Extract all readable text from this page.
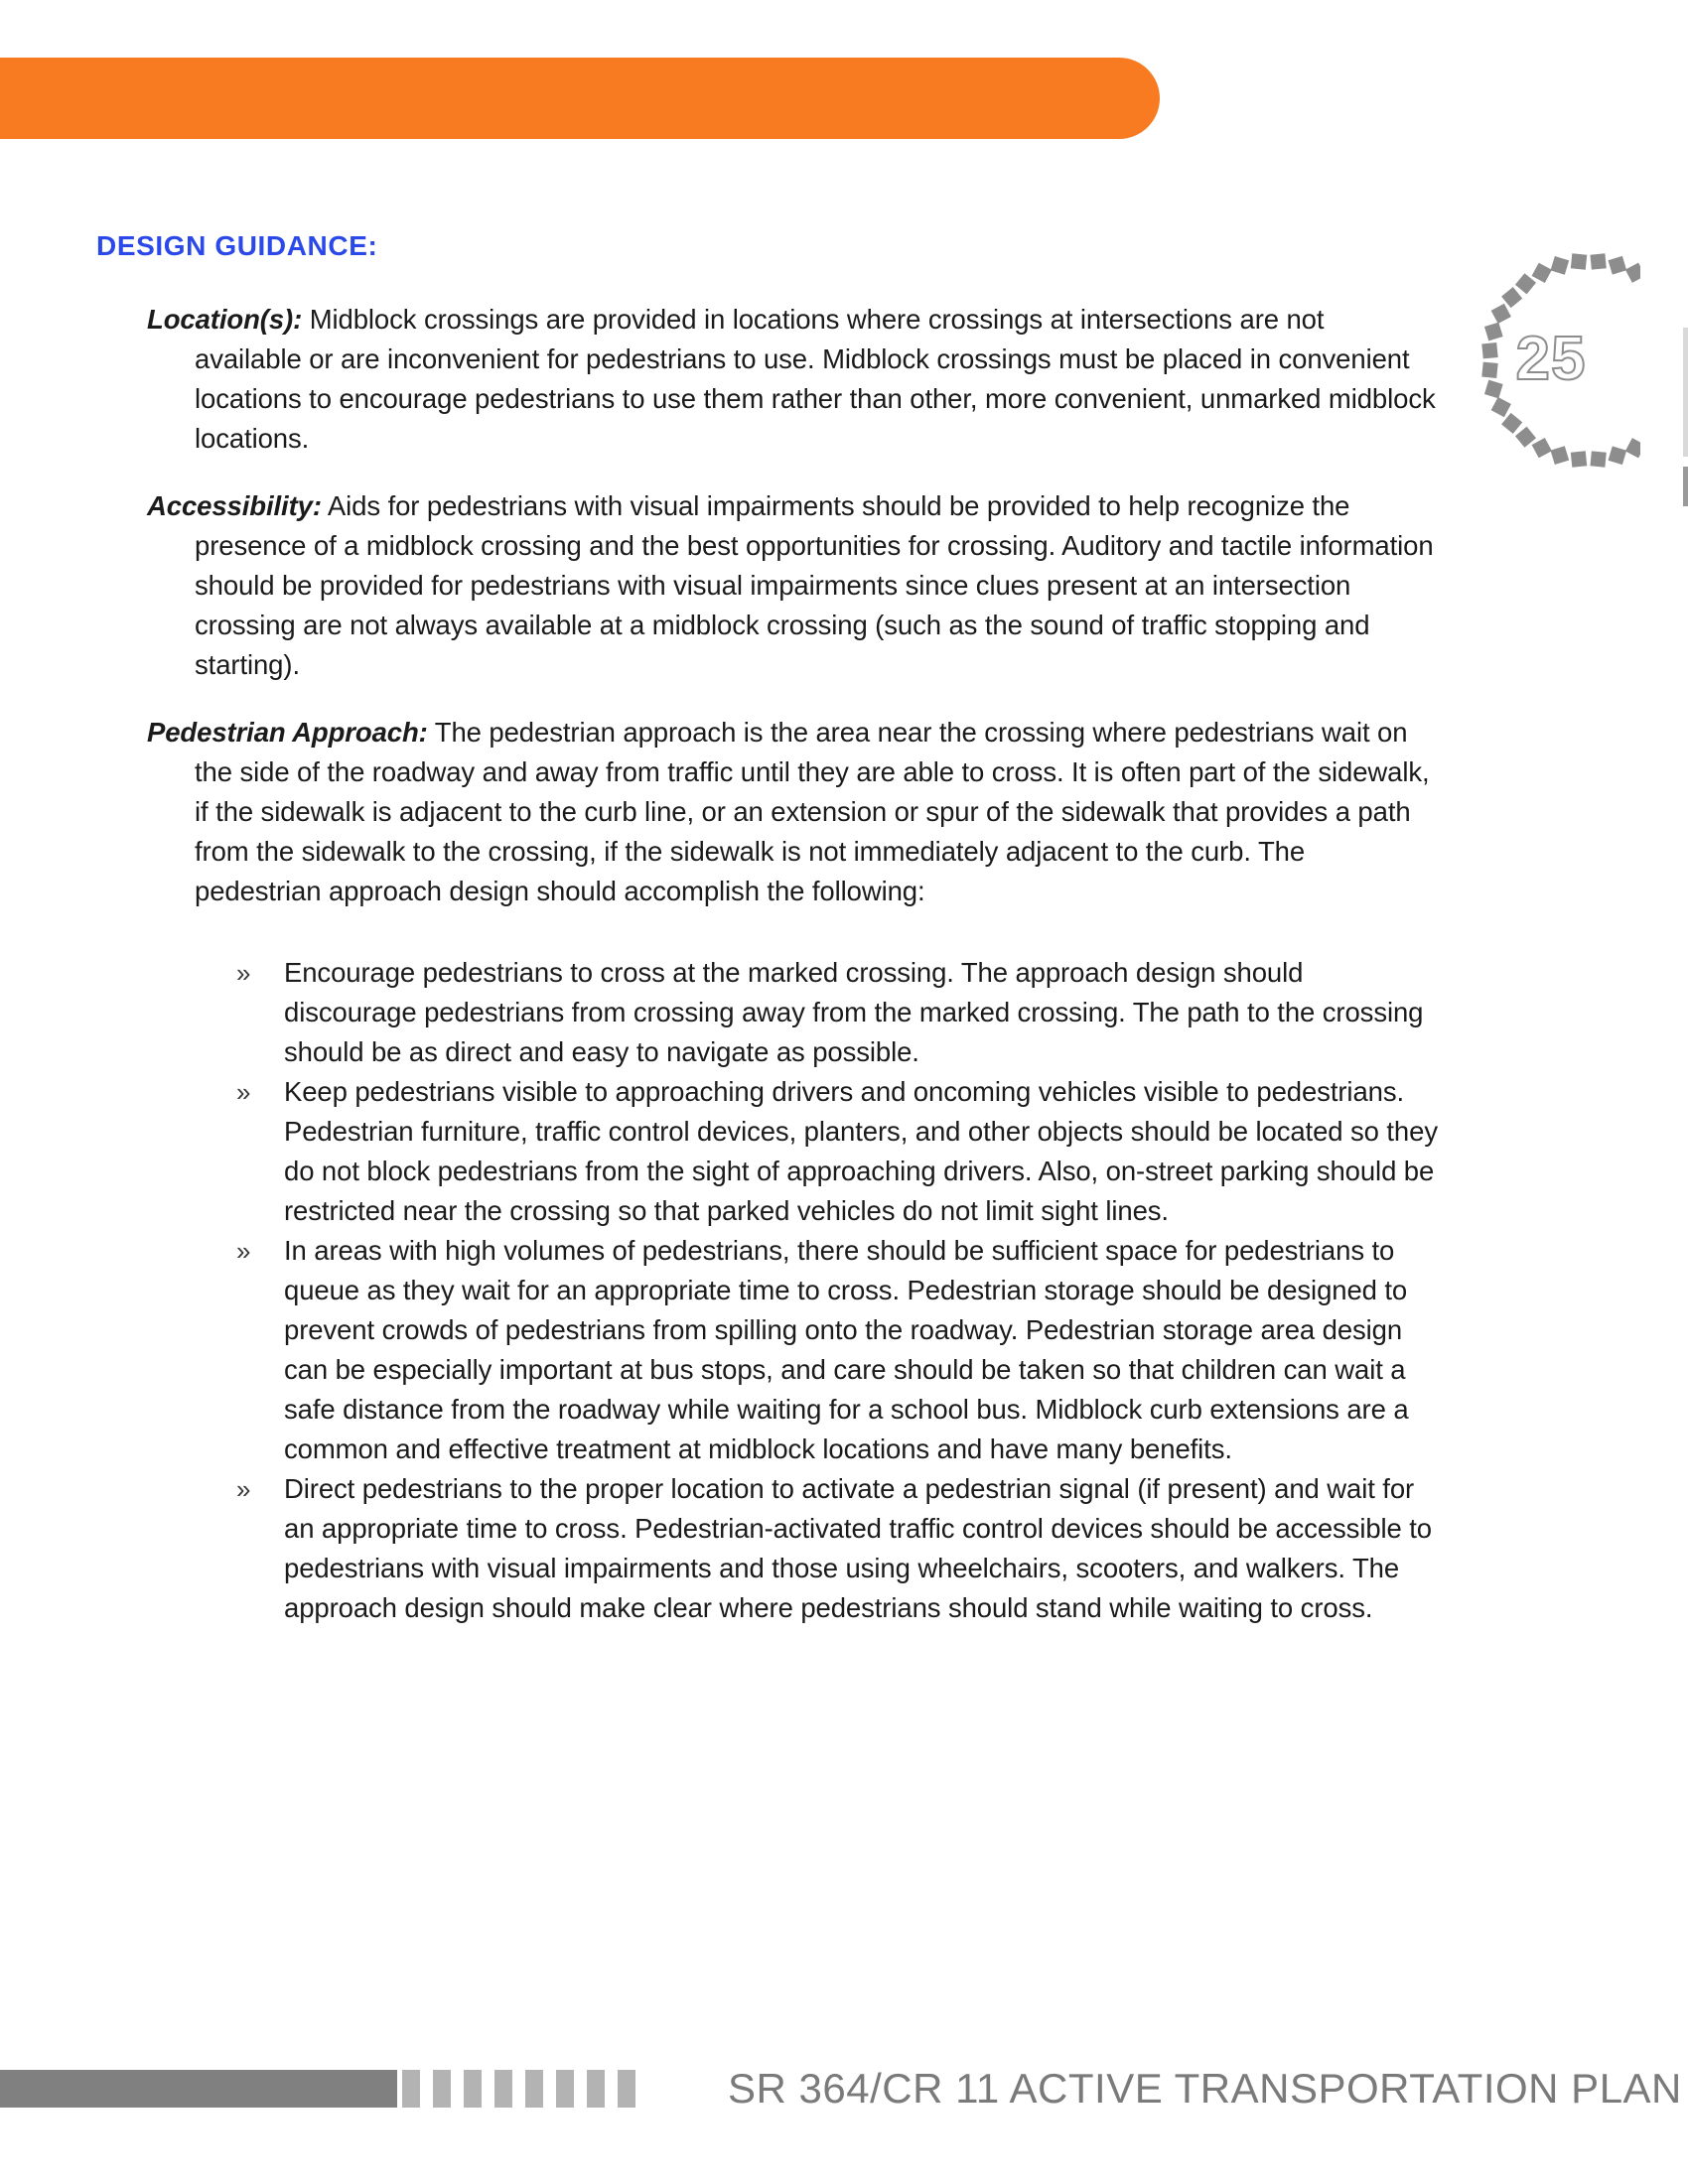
DESIGN GUIDANCE:
25
Location(s): Midblock crossings are provided in locations where crossings at intersections are not available or are inconvenient for pedestrians to use. Midblock crossings must be placed in convenient locations to encourage pedestrians to use them rather than other, more convenient, unmarked midblock locations.
Accessibility: Aids for pedestrians with visual impairments should be provided to help recognize the presence of a midblock crossing and the best opportunities for crossing. Auditory and tactile information should be provided for pedestrians with visual impairments since clues present at an intersection crossing are not always available at a midblock crossing (such as the sound of traffic stopping and starting).
Pedestrian Approach: The pedestrian approach is the area near the crossing where pedestrians wait on the side of the roadway and away from traffic until they are able to cross. It is often part of the sidewalk, if the sidewalk is adjacent to the curb line, or an extension or spur of the sidewalk that provides a path from the sidewalk to the crossing, if the sidewalk is not immediately adjacent to the curb. The pedestrian approach design should accomplish the following:
» Encourage pedestrians to cross at the marked crossing. The approach design should discourage pedestrians from crossing away from the marked crossing. The path to the crossing should be as direct and easy to navigate as possible.
» Keep pedestrians visible to approaching drivers and oncoming vehicles visible to pedestrians. Pedestrian furniture, traffic control devices, planters, and other objects should be located so they do not block pedestrians from the sight of approaching drivers. Also, on-street parking should be restricted near the crossing so that parked vehicles do not limit sight lines.
» In areas with high volumes of pedestrians, there should be sufficient space for pedestrians to queue as they wait for an appropriate time to cross. Pedestrian storage should be designed to prevent crowds of pedestrians from spilling onto the roadway. Pedestrian storage area design can be especially important at bus stops, and care should be taken so that children can wait a safe distance from the roadway while waiting for a school bus. Midblock curb extensions are a common and effective treatment at midblock locations and have many benefits.
» Direct pedestrians to the proper location to activate a pedestrian signal (if present) and wait for an appropriate time to cross. Pedestrian-activated traffic control devices should be accessible to pedestrians with visual impairments and those using wheelchairs, scooters, and walkers. The approach design should make clear where pedestrians should stand while waiting to cross.
SR 364/CR 11 ACTIVE TRANSPORTATION PLAN
